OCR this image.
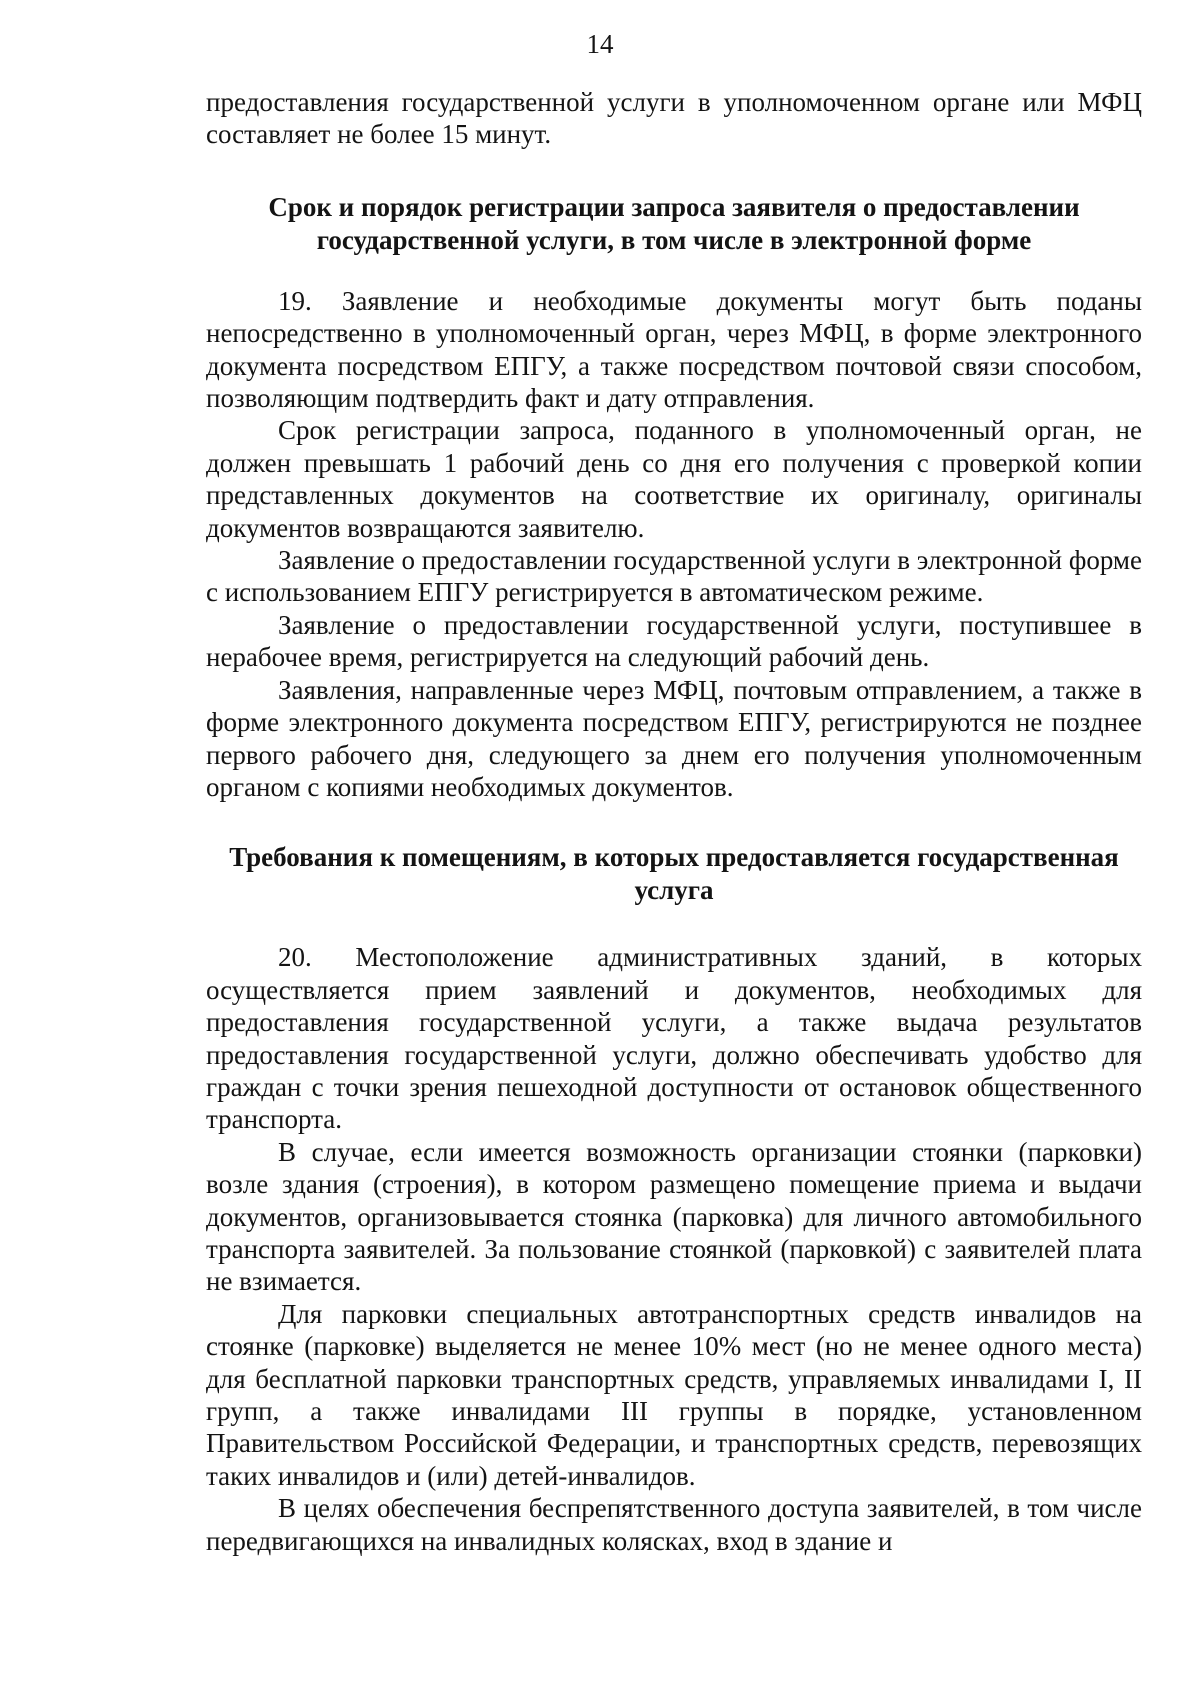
14

предоставления государственной услуги в уполномоченном органе или МФЦ составляет не более 15 минут.

Срок и порядок регистрации запроса заявителя о предоставлении государственной услуги, в том числе в электронной форме

19. Заявление и необходимые документы могут быть поданы непосредственно в уполномоченный орган, через МФЦ, в форме электронного документа посредством ЕПГУ, а также посредством почтовой связи способом, позволяющим подтвердить факт и дату отправления.

Срок регистрации запроса, поданного в уполномоченный орган, не должен превышать 1 рабочий день со дня его получения с проверкой копии представленных документов на соответствие их оригиналу, оригиналы документов возвращаются заявителю.

Заявление о предоставлении государственной услуги в электронной форме с использованием ЕПГУ регистрируется в автоматическом режиме.

Заявление о предоставлении государственной услуги, поступившее в нерабочее время, регистрируется на следующий рабочий день.

Заявления, направленные через МФЦ, почтовым отправлением, а также в форме электронного документа посредством ЕПГУ, регистрируются не позднее первого рабочего дня, следующего за днем его получения уполномоченным органом с копиями необходимых документов.

Требования к помещениям, в которых предоставляется государственная услуга

20. Местоположение административных зданий, в которых осуществляется прием заявлений и документов, необходимых для предоставления государственной услуги, а также выдача результатов предоставления государственной услуги, должно обеспечивать удобство для граждан с точки зрения пешеходной доступности от остановок общественного транспорта.

В случае, если имеется возможность организации стоянки (парковки) возле здания (строения), в котором размещено помещение приема и выдачи документов, организовывается стоянка (парковка) для личного автомобильного транспорта заявителей. За пользование стоянкой (парковкой) с заявителей плата не взимается.

Для парковки специальных автотранспортных средств инвалидов на стоянке (парковке) выделяется не менее 10% мест (но не менее одного места) для бесплатной парковки транспортных средств, управляемых инвалидами I, II групп, а также инвалидами III группы в порядке, установленном Правительством Российской Федерации, и транспортных средств, перевозящих таких инвалидов и (или) детей-инвалидов.

В целях обеспечения беспрепятственного доступа заявителей, в том числе передвигающихся на инвалидных колясках, вход в здание и
